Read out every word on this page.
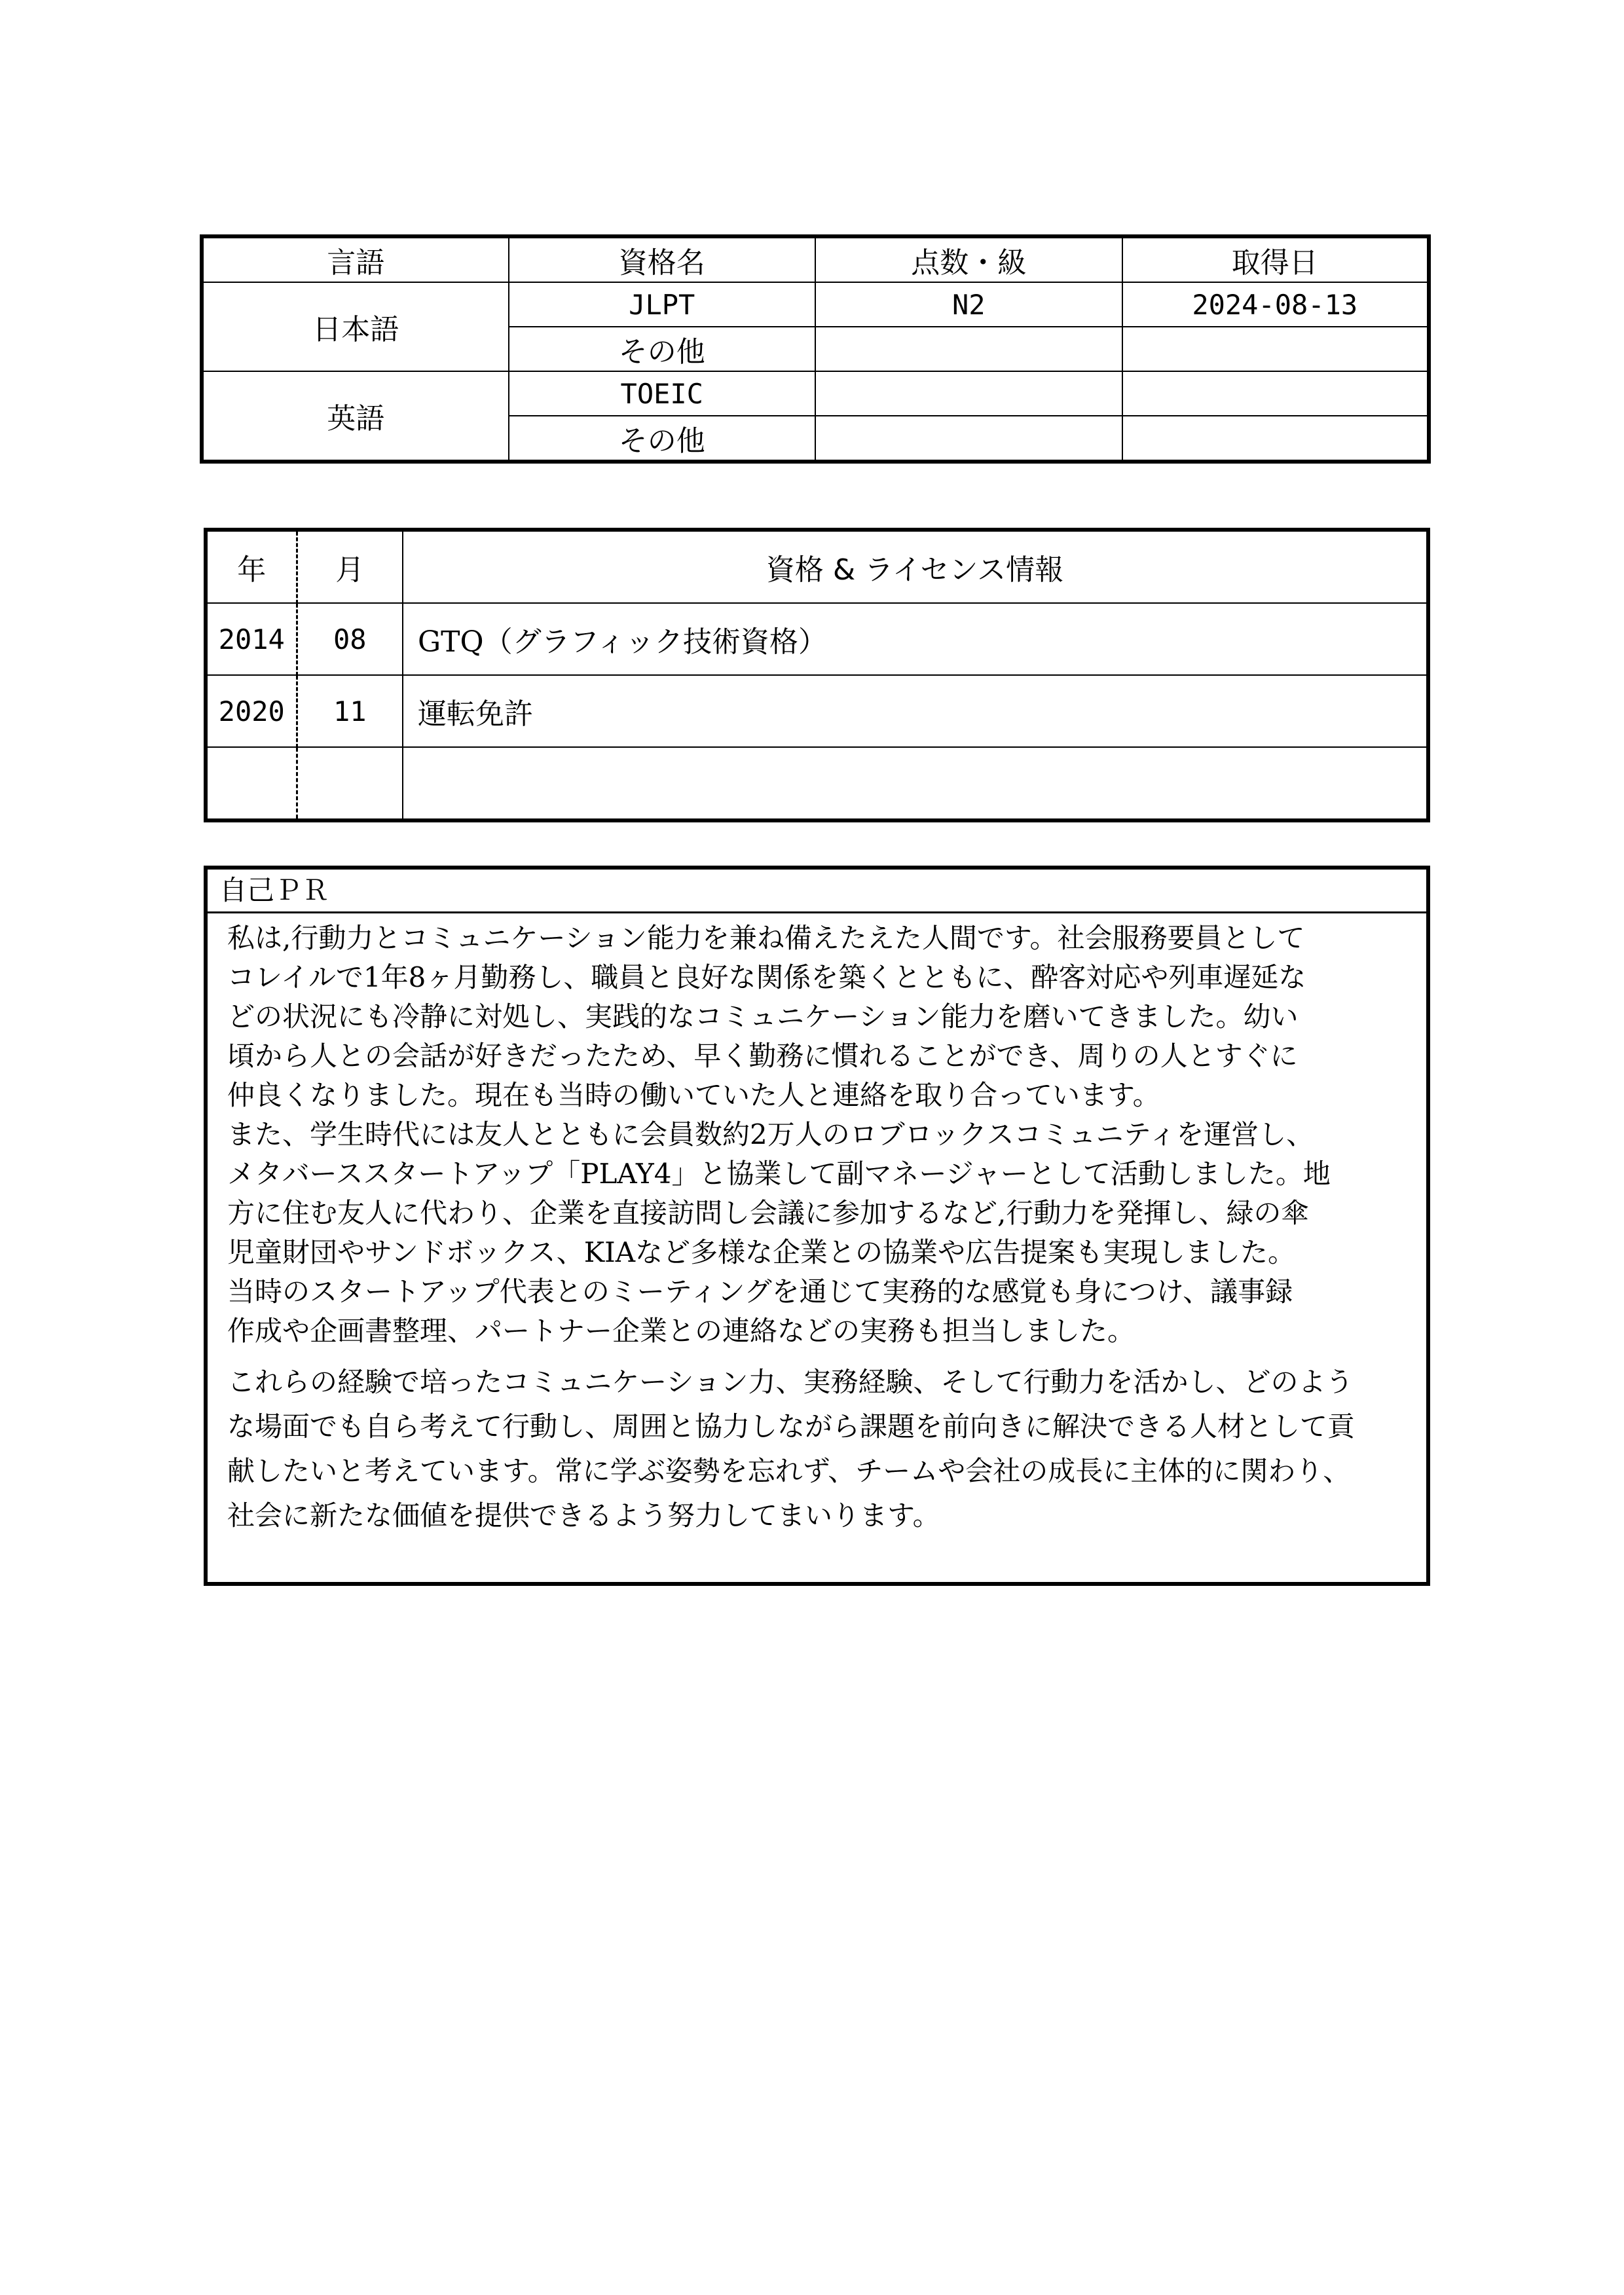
言語	資格名	点数・級	取得日
日本語	JLPT	N2	2024-08-13
	その他		
英語	TOEIC		
	その他		
年	月	資格 & ライセンス情報
2014	08	GTQ（グラフィック技術資格）
2020	11	運転免許

自己ＰＲ

私は,行動力とコミュニケーション能力を兼ね備えたえた人間です。社会服務要員として
コレイルで1年8ヶ月勤務し、職員と良好な関係を築くとともに、酔客対応や列車遅延な
どの状況にも冷静に対処し、実践的なコミュニケーション能力を磨いてきました。幼い
頃から人との会話が好きだったため、早く勤務に慣れることができ、周りの人とすぐに
仲良くなりました。現在も当時の働いていた人と連絡を取り合っています。

また、学生時代には友人とともに会員数約2万人のロブロックスコミュニティを運営し、
メタバーススタートアップ「PLAY4」と協業して副マネージャーとして活動しました。地
方に住む友人に代わり、企業を直接訪問し会議に参加するなど,行動力を発揮し、緑の傘
児童財団やサンドボックス、KIAなど多様な企業との協業や広告提案も実現しました。
当時のスタートアップ代表とのミーティングを通じて実務的な感覚も身につけ、議事録
作成や企画書整理、パートナー企業との連絡などの実務も担当しました。

これらの経験で培ったコミュニケーション力、実務経験、そして行動力を活かし、どのよう
な場面でも自ら考えて行動し、周囲と協力しながら課題を前向きに解決できる人材として貢
献したいと考えています。常に学ぶ姿勢を忘れず、チームや会社の成長に主体的に関わり、
社会に新たな価値を提供できるよう努力してまいります。
